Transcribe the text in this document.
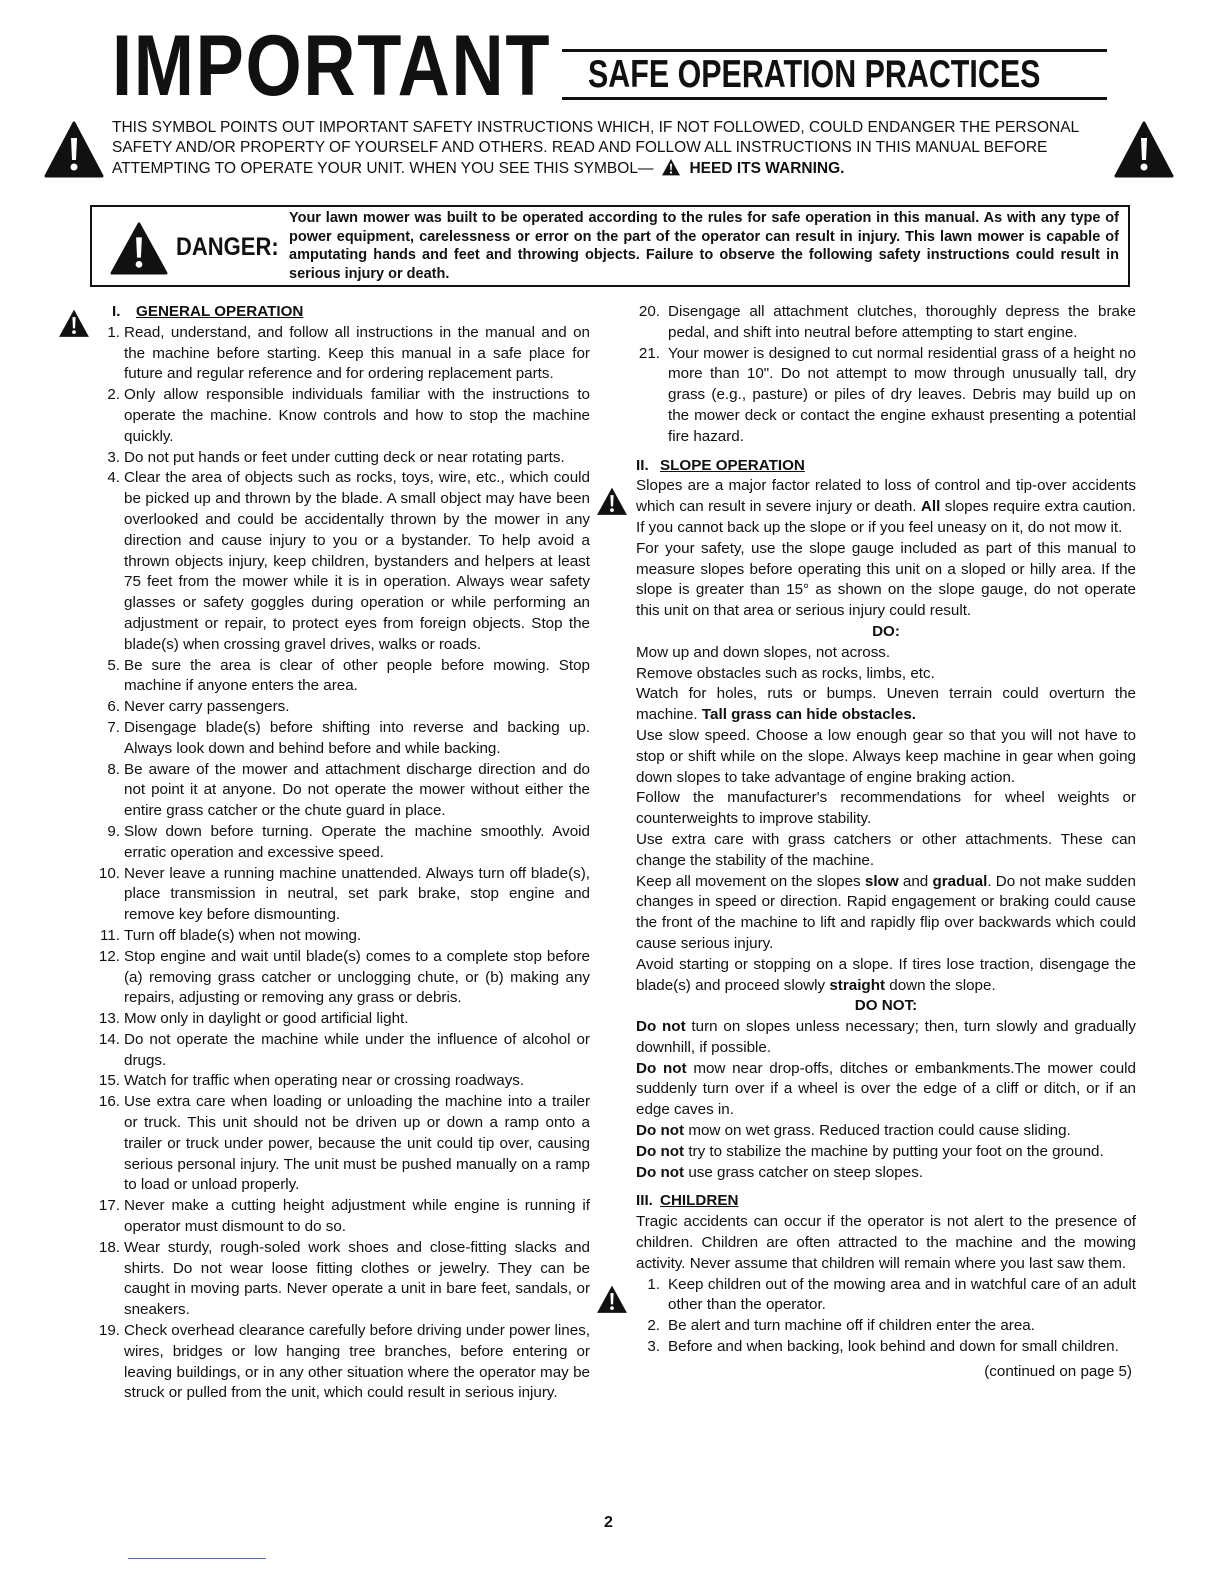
IMPORTANT SAFE OPERATION PRACTICES
THIS SYMBOL POINTS OUT IMPORTANT SAFETY INSTRUCTIONS WHICH, IF NOT FOLLOWED, COULD ENDANGER THE PERSONAL
SAFETY AND/OR PROPERTY OF YOURSELF AND OTHERS. READ AND FOLLOW ALL INSTRUCTIONS IN THIS MANUAL BEFORE
ATTEMPTING TO OPERATE YOUR UNIT. WHEN YOU SEE THIS SYMBOL— HEED ITS WARNING.
DANGER:
Your lawn mower was built to be operated according to the rules for safe operation in this manual. As with any type of power equipment, carelessness or error on the part of the operator can result in injury. This lawn mower is capable of amputating hands and feet and throwing objects. Failure to observe the following safety instructions could result in serious injury or death.
I. GENERAL OPERATION
1. Read, understand, and follow all instructions in the manual and on the machine before starting. Keep this manual in a safe place for future and regular reference and for ordering replacement parts.
2. Only allow responsible individuals familiar with the instructions to operate the machine. Know controls and how to stop the machine quickly.
3. Do not put hands or feet under cutting deck or near rotating parts.
4. Clear the area of objects such as rocks, toys, wire, etc., which could be picked up and thrown by the blade. A small object may have been overlooked and could be accidentally thrown by the mower in any direction and cause injury to you or a bystander. To help avoid a thrown objects injury, keep children, bystanders and helpers at least 75 feet from the mower while it is in operation. Always wear safety glasses or safety goggles during operation or while performing an adjustment or repair, to protect eyes from foreign objects. Stop the blade(s) when crossing gravel drives, walks or roads.
5. Be sure the area is clear of other people before mowing. Stop machine if anyone enters the area.
6. Never carry passengers.
7. Disengage blade(s) before shifting into reverse and backing up. Always look down and behind before and while backing.
8. Be aware of the mower and attachment discharge direction and do not point it at anyone. Do not operate the mower without either the entire grass catcher or the chute guard in place.
9. Slow down before turning. Operate the machine smoothly. Avoid erratic operation and excessive speed.
10. Never leave a running machine unattended. Always turn off blade(s), place transmission in neutral, set park brake, stop engine and remove key before dismounting.
11. Turn off blade(s) when not mowing.
12. Stop engine and wait until blade(s) comes to a complete stop before (a) removing grass catcher or unclogging chute, or (b) making any repairs, adjusting or removing any grass or debris.
13. Mow only in daylight or good artificial light.
14. Do not operate the machine while under the influence of alcohol or drugs.
15. Watch for traffic when operating near or crossing roadways.
16. Use extra care when loading or unloading the machine into a trailer or truck. This unit should not be driven up or down a ramp onto a trailer or truck under power, because the unit could tip over, causing serious personal injury. The unit must be pushed manually on a ramp to load or unload properly.
17. Never make a cutting height adjustment while engine is running if operator must dismount to do so.
18. Wear sturdy, rough-soled work shoes and close-fitting slacks and shirts. Do not wear loose fitting clothes or jewelry. They can be caught in moving parts. Never operate a unit in bare feet, sandals, or sneakers.
19. Check overhead clearance carefully before driving under power lines, wires, bridges or low hanging tree branches, before entering or leaving buildings, or in any other situation where the operator may be struck or pulled from the unit, which could result in serious injury.
20. Disengage all attachment clutches, thoroughly depress the brake pedal, and shift into neutral before attempting to start engine.
21. Your mower is designed to cut normal residential grass of a height no more than 10". Do not attempt to mow through unusually tall, dry grass (e.g., pasture) or piles of dry leaves. Debris may build up on the mower deck or contact the engine exhaust presenting a potential fire hazard.
II. SLOPE OPERATION
Slopes are a major factor related to loss of control and tip-over accidents which can result in severe injury or death. All slopes require extra caution. If you cannot back up the slope or if you feel uneasy on it, do not mow it.
For your safety, use the slope gauge included as part of this manual to measure slopes before operating this unit on a sloped or hilly area. If the slope is greater than 15° as shown on the slope gauge, do not operate this unit on that area or serious injury could result.
DO:
Mow up and down slopes, not across.
Remove obstacles such as rocks, limbs, etc.
Watch for holes, ruts or bumps. Uneven terrain could overturn the machine. Tall grass can hide obstacles.
Use slow speed. Choose a low enough gear so that you will not have to stop or shift while on the slope. Always keep machine in gear when going down slopes to take advantage of engine braking action.
Follow the manufacturer's recommendations for wheel weights or counterweights to improve stability.
Use extra care with grass catchers or other attachments. These can change the stability of the machine.
Keep all movement on the slopes slow and gradual. Do not make sudden changes in speed or direction. Rapid engagement or braking could cause the front of the machine to lift and rapidly flip over backwards which could cause serious injury.
Avoid starting or stopping on a slope. If tires lose traction, disengage the blade(s) and proceed slowly straight down the slope.
DO NOT:
Do not turn on slopes unless necessary; then, turn slowly and gradually downhill, if possible.
Do not mow near drop-offs, ditches or embankments.The mower could suddenly turn over if a wheel is over the edge of a cliff or ditch, or if an edge caves in.
Do not mow on wet grass. Reduced traction could cause sliding.
Do not try to stabilize the machine by putting your foot on the ground.
Do not use grass catcher on steep slopes.
III. CHILDREN
Tragic accidents can occur if the operator is not alert to the presence of children. Children are often attracted to the machine and the mowing activity. Never assume that children will remain where you last saw them.
1. Keep children out of the mowing area and in watchful care of an adult other than the operator.
2. Be alert and turn machine off if children enter the area.
3. Before and when backing, look behind and down for small children.
(continued on page 5)
2
